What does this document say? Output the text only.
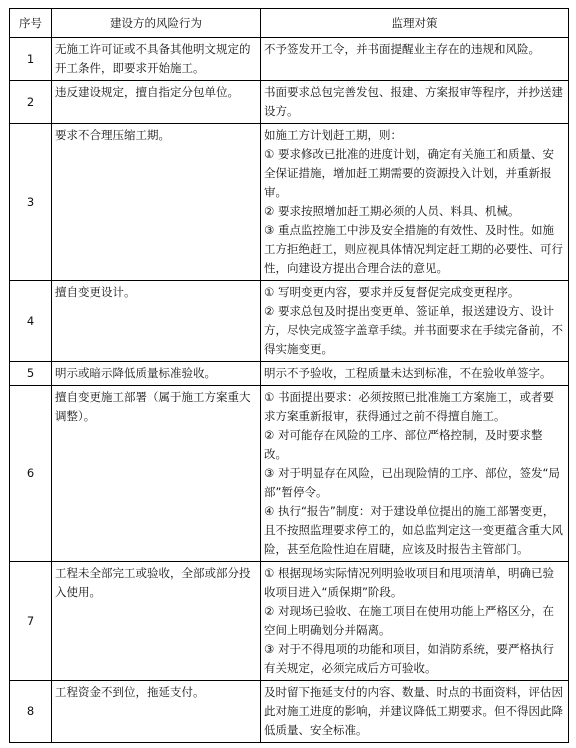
序号	建设方的风险行为	监理对策
1	无施工许可证或不具备其他明文规定的开工条件，即要求开始施工。	不予签发开工令，并书面提醒业主存在的违规和风险。

2	违反建设规定，擅自指定分包单位。	书面要求总包完善发包、报建、方案报审等程序，并抄送建设方。

3	要求不合理压缩工期。	如施工方计划赶工期，则：
① 要求修改已批准的进度计划，确定有关施工和质量、安全保证措施，增加赶工期需要的资源投入计划，并重新报审。
② 要求按照增加赶工期必须的人员、料具、机械。
③ 重点监控施工中涉及安全措施的有效性、及时性。如施工方拒绝赶工，则应视具体情况判定赶工期的必要性、可行性，向建设方提出合理合法的意见。

4	擅自变更设计。	① 写明变更内容，要求并反复督促完成变更程序。
② 要求总包及时提出变更单、签证单，报送建设方、设计方，尽快完成签字盖章手续。并书面要求在手续完备前，不得实施变更。

5	明示或暗示降低质量标准验收。	明示不予验收，工程质量未达到标准，不在验收单签字。

6	擅自变更施工部署（属于施工方案重大调整）。	① 书面提出要求：必须按照已批准施工方案施工，或者要求方案重新报审，获得通过之前不得擅自施工。
② 对可能存在风险的工序、部位严格控制，及时要求整改。
③ 对于明显存在风险，已出现险情的工序、部位，签发“局部”暂停令。
④ 执行“报告”制度：对于建设单位提出的施工部署变更，且不按照监理要求停工的，如总监判定这一变更蕴含重大风险，甚至危险性迫在眉睫，应该及时报告主管部门。

7	工程未全部完工或验收，全部或部分投入使用。	① 根据现场实际情况列明验收项目和甩项清单，明确已验收项目进入“质保期”阶段。
② 对现场已验收、在施工项目在使用功能上严格区分，在空间上明确划分并隔离。
③ 对于不得甩项的功能和项目，如消防系统，要严格执行有关规定，必须完成后方可验收。

8	工程资金不到位，拖延支付。	及时留下拖延支付的内容、数量、时点的书面资料，评估因此对施工进度的影响，并建议降低工期要求。但不得因此降低质量、安全标准。
